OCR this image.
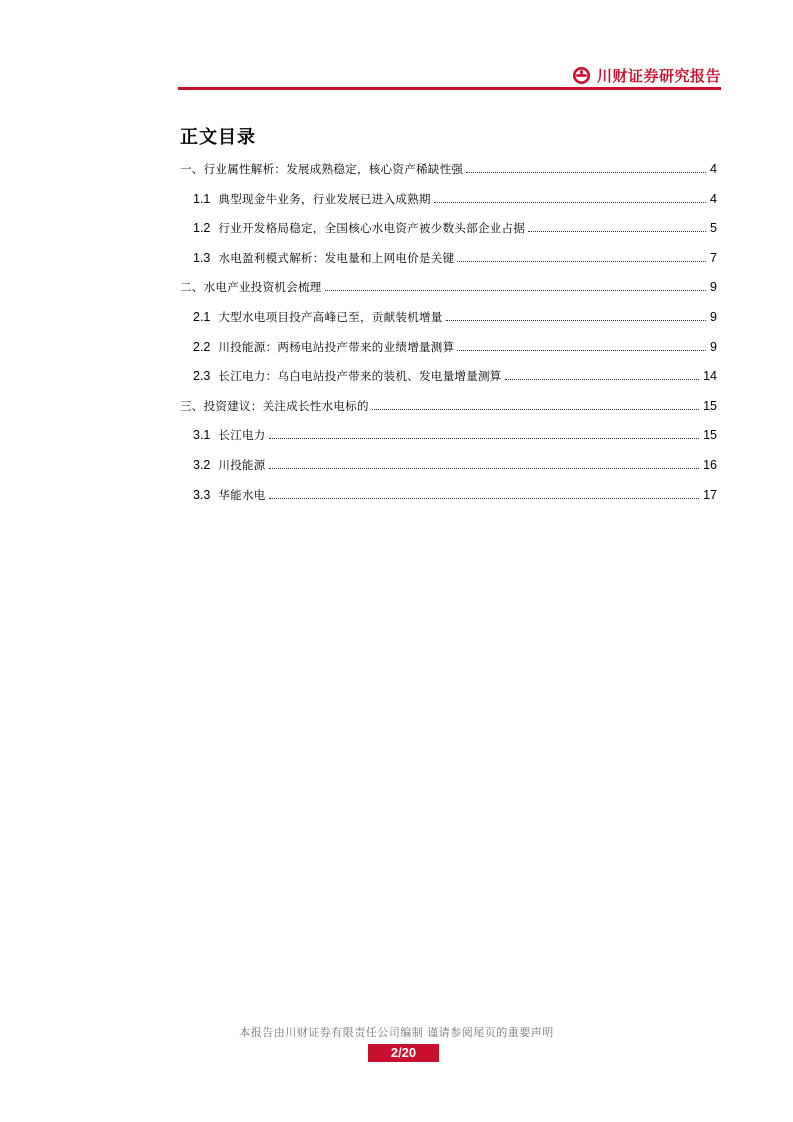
川财证券研究报告
正文目录
一、行业属性解析：发展成熟稳定，核心资产稀缺性强	4
1.1 典型现金牛业务，行业发展已进入成熟期	4
1.2 行业开发格局稳定，全国核心水电资产被少数头部企业占据	5
1.3 水电盈利模式解析：发电量和上网电价是关键	7
二、水电产业投资机会梳理	9
2.1 大型水电项目投产高峰已至，贡献装机增量	9
2.2 川投能源：两杨电站投产带来的业绩增量测算	9
2.3 长江电力：乌白电站投产带来的装机、发电量增量测算	14
三、投资建议：关注成长性水电标的	15
3.1 长江电力	15
3.2 川投能源	16
3.3 华能水电	17
本报告由川财证券有限责任公司编制 谨请参阅尾页的重要声明
2/20
